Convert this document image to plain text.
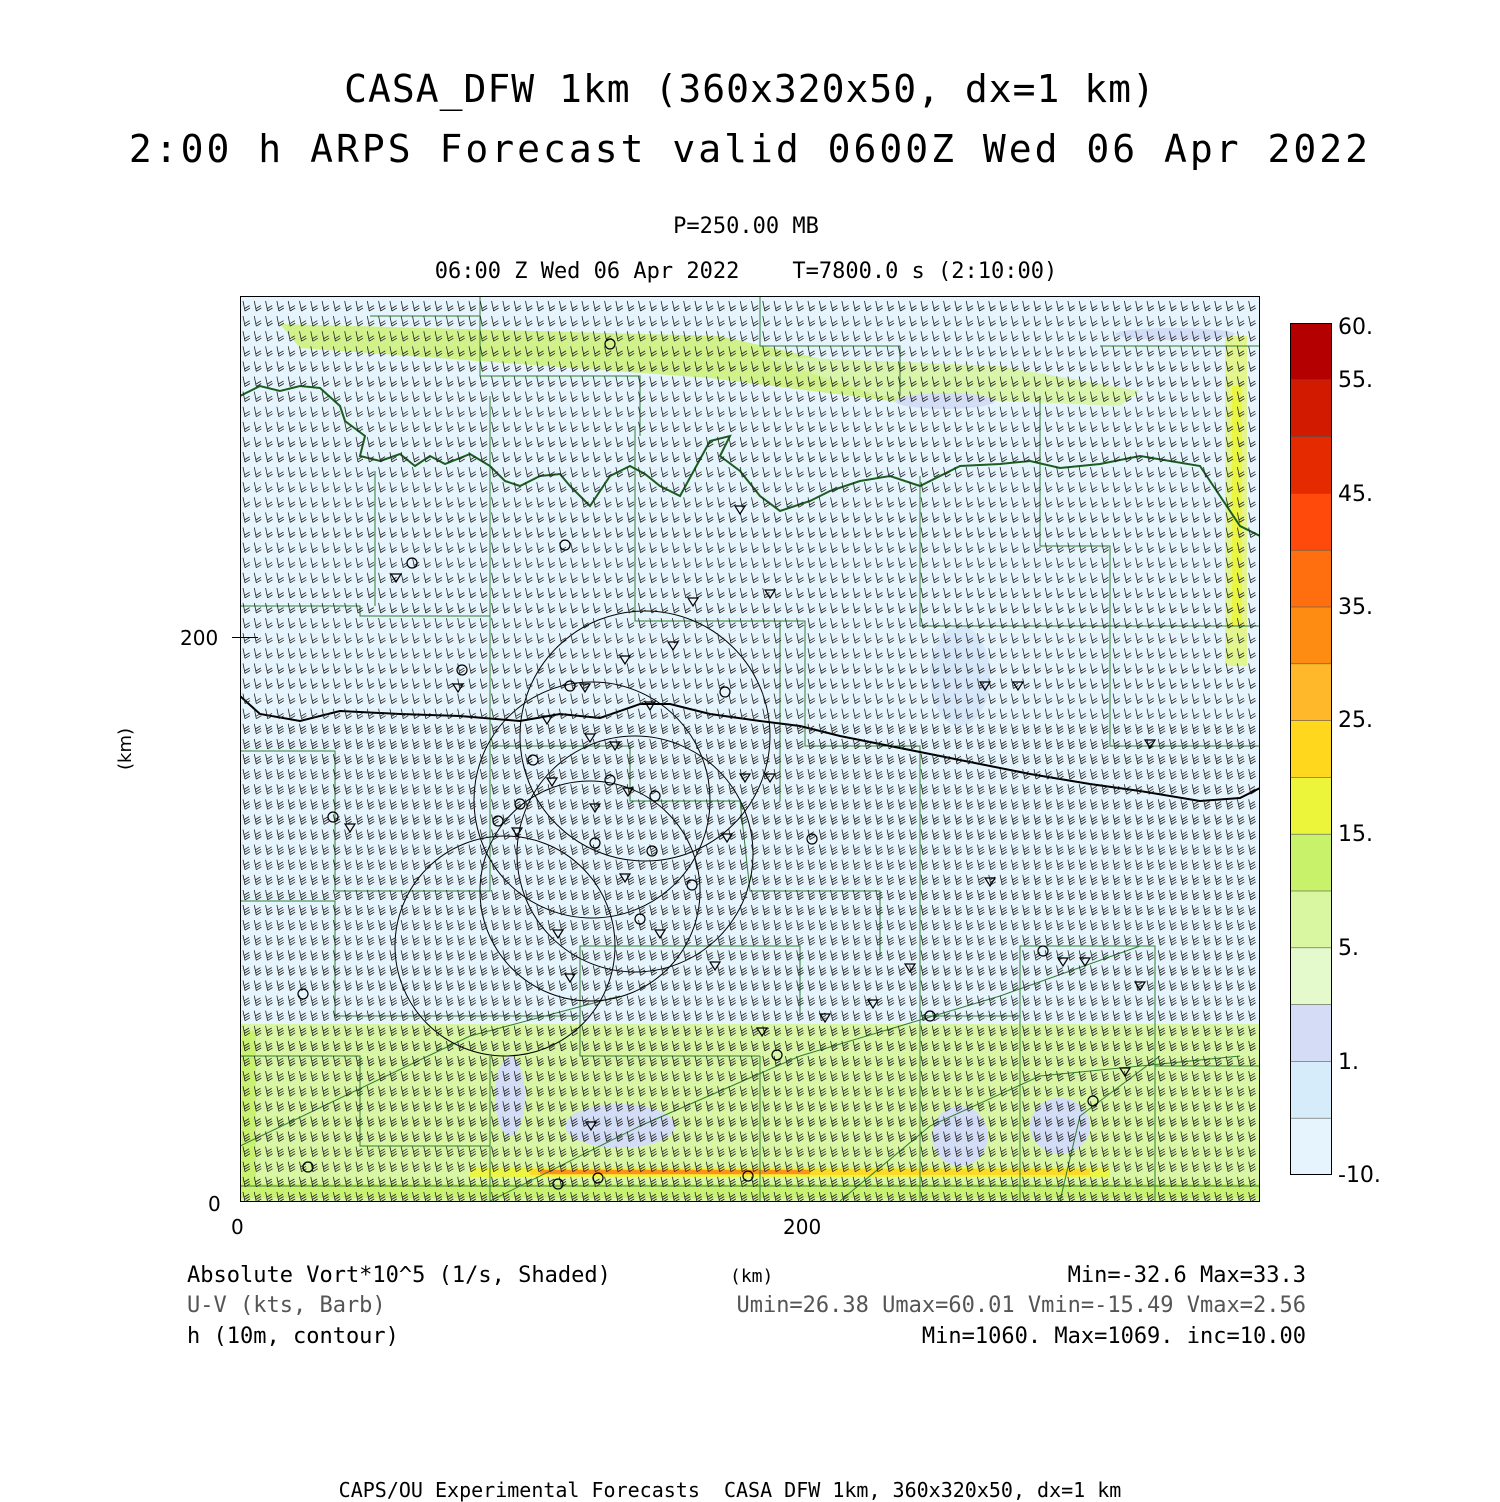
CASA_DFW 1km (360x320x50, dx=1 km)
2:00 h ARPS Forecast valid 0600Z Wed 06 Apr 2022
P=250.00 MB
06:00 Z Wed 06 Apr 2022    T=7800.0 s (2:10:00)
200
0
0	200
(km)
(km)
60.
55.
45.
35.
25.
15.
5.
1.
-10.
Absolute Vort*10^5 (1/s, Shaded)	Min=-32.6 Max=33.3
U-V (kts, Barb)	Umin=26.38 Umax=60.01 Vmin=-15.49 Vmax=2.56
h (10m, contour)	Min=1060. Max=1069. inc=10.00
CAPS/OU Experimental Forecasts  CASA DFW 1km, 360x320x50, dx=1 km
